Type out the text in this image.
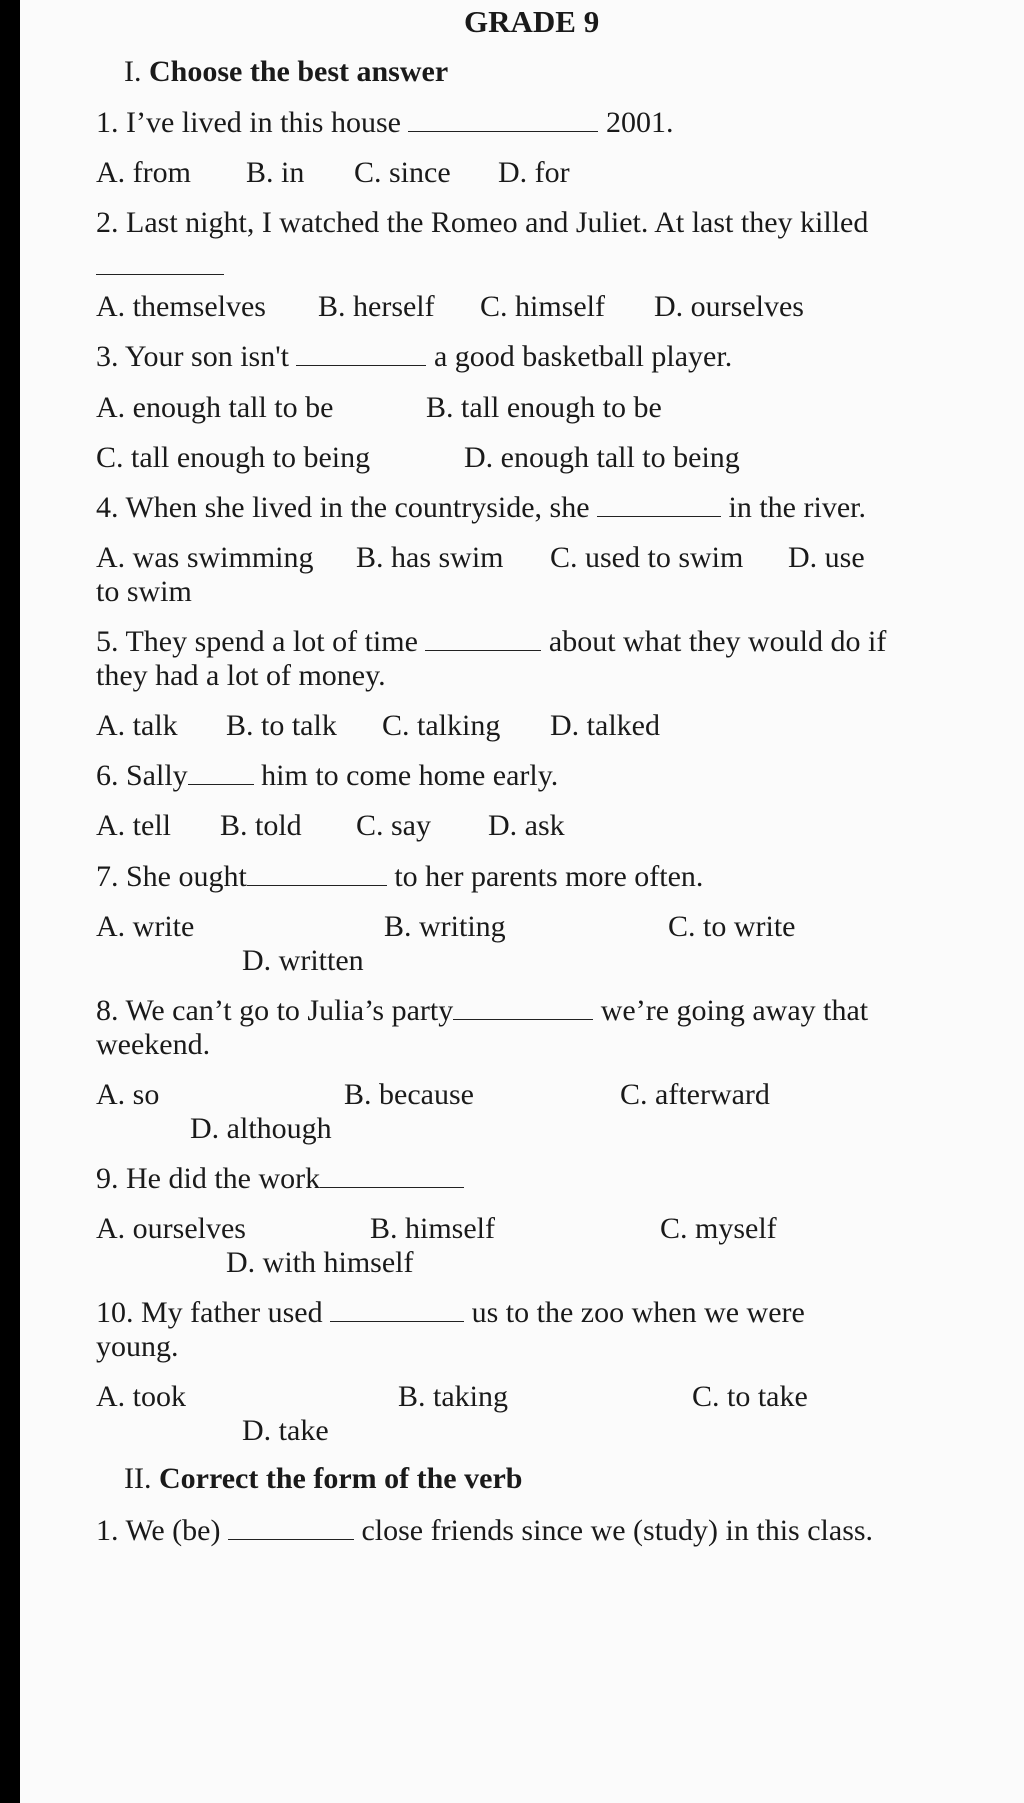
GRADE 9
I. Choose the best answer
1. I’ve lived in this house	2001.
A. from B. in C. since D. for
2. Last night, I watched the Romeo and Juliet. At last they killed
A. themselves B. herself C. himself D. ourselves
3. Your son isn't	a good basketball player.
A. enough tall to be	B. tall enough to be
C. tall enough to being	D. enough tall to being
4. When she lived in the countryside, she	in the river.
A. was swimming B. has swim C. used to swim D. use
to swim
5. They spend a lot of time	about what they would do if
they had a lot of money.
A. talk B. to talk C. talking D. talked
6. Sally him to come home early.
A. tell B. told C. say D. ask
7. She ought	to her parents more often.
A. write	B. writing	C. to write
D. written
8. We can’t go to Julia’s party	we’re going away that
weekend.
A. so	B. because	C. afterward
D. although
9. He did the work
A. ourselves	B. himself	C. myself
D. with himself
10. My father used	us to the zoo when we were
young.
A. took	B. taking	C. to take
D. take
II. Correct the form of the verb
1. We (be)	close friends since we (study) in this class.
